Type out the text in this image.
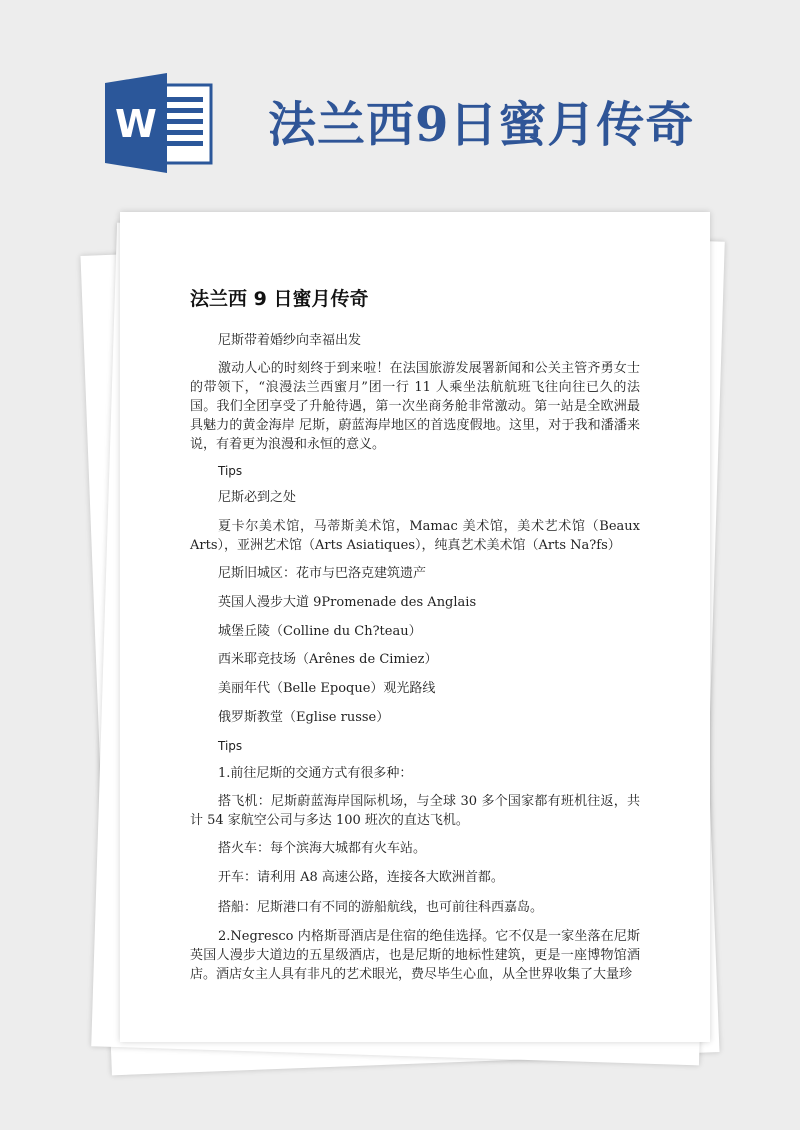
W 法兰西9日蜜月传奇
法兰西 9 日蜜月传奇
尼斯带着婚纱向幸福出发
激动人心的时刻终于到来啦！在法国旅游发展署新闻和公关主管齐勇女士的带领下，“浪漫法兰西蜜月”团一行 11 人乘坐法航航班飞往向往已久的法国。我们全团享受了升舱待遇，第一次坐商务舱非常激动。第一站是全欧洲最具魅力的黄金海岸 尼斯，蔚蓝海岸地区的首选度假地。这里，对于我和潘潘来说，有着更为浪漫和永恒的意义。
Tips
尼斯必到之处
夏卡尔美术馆，马蒂斯美术馆，Mamac 美术馆，美术艺术馆（Beaux Arts），亚洲艺术馆（Arts Asiatiques），纯真艺术美术馆（Arts Na?fs）
尼斯旧城区：花市与巴洛克建筑遗产
英国人漫步大道 9Promenade des Anglais
城堡丘陵（Colline du Ch?teau）
西米耶竞技场（Arênes de Cimiez）
美丽年代（Belle Epoque）观光路线
俄罗斯教堂（Eglise russe）
Tips
1.前往尼斯的交通方式有很多种：
搭飞机：尼斯蔚蓝海岸国际机场，与全球 30 多个国家都有班机往返，共计 54 家航空公司与多达 100 班次的直达飞机。
搭火车：每个滨海大城都有火车站。
开车：请利用 A8 高速公路，连接各大欧洲首都。
搭船：尼斯港口有不同的游船航线，也可前往科西嘉岛。
2.Negresco 内格斯哥酒店是住宿的绝佳选择。它不仅是一家坐落在尼斯英国人漫步大道边的五星级酒店，也是尼斯的地标性建筑，更是一座博物馆酒店。酒店女主人具有非凡的艺术眼光，费尽毕生心血，从全世界收集了大量珍
